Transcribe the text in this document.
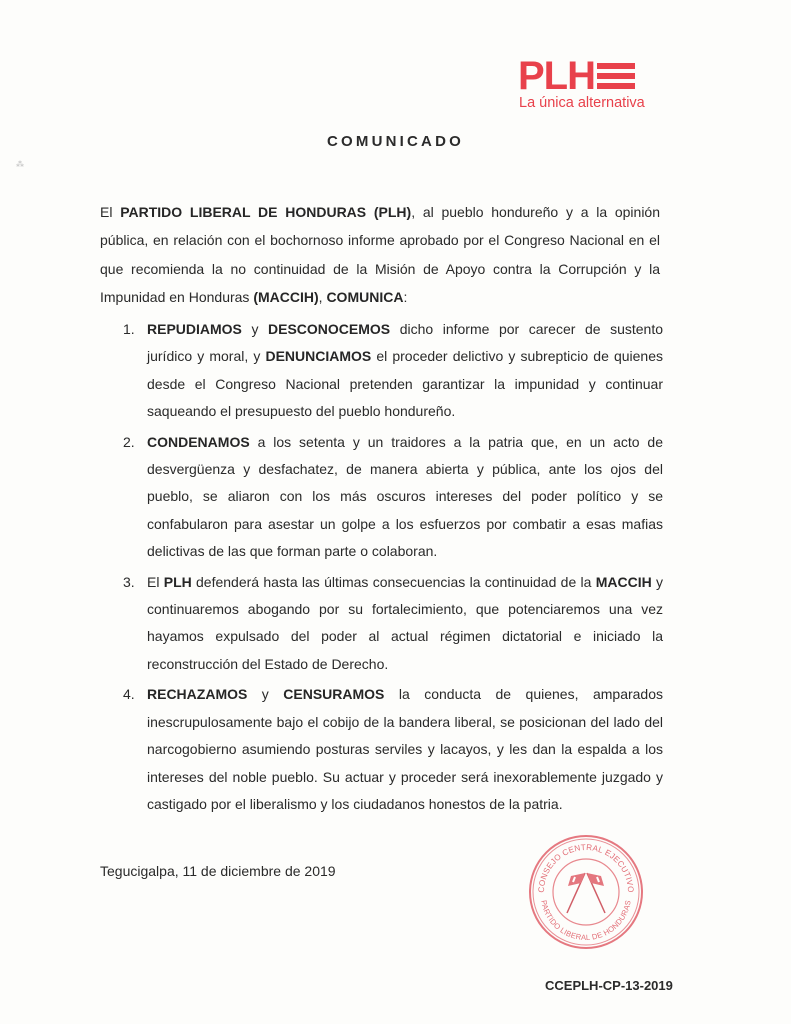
⁂
PLH
La única alternativa
COMUNICADO
El PARTIDO LIBERAL DE HONDURAS (PLH), al pueblo hondureño y a la opinión pública, en relación con el bochornoso informe aprobado por el Congreso Nacional en el que recomienda la no continuidad de la Misión de Apoyo contra la Corrupción y la Impunidad en Honduras (MACCIH), COMUNICA:
1. REPUDIAMOS y DESCONOCEMOS dicho informe por carecer de sustento jurídico y moral, y DENUNCIAMOS el proceder delictivo y subrepticio de quienes desde el Congreso Nacional pretenden garantizar la impunidad y continuar saqueando el presupuesto del pueblo hondureño.
2. CONDENAMOS a los setenta y un traidores a la patria que, en un acto de desvergüenza y desfachatez, de manera abierta y pública, ante los ojos del pueblo, se aliaron con los más oscuros intereses del poder político y se confabularon para asestar un golpe a los esfuerzos por combatir a esas mafias delictivas de las que forman parte o colaboran.
3. El PLH defenderá hasta las últimas consecuencias la continuidad de la MACCIH y continuaremos abogando por su fortalecimiento, que potenciaremos una vez hayamos expulsado del poder al actual régimen dictatorial e iniciado la reconstrucción del Estado de Derecho.
4. RECHAZAMOS y CENSURAMOS la conducta de quienes, amparados inescrupulosamente bajo el cobijo de la bandera liberal, se posicionan del lado del narcogobierno asumiendo posturas serviles y lacayos, y les dan la espalda a los intereses del noble pueblo. Su actuar y proceder será inexorablemente juzgado y castigado por el liberalismo y los ciudadanos honestos de la patria.
Tegucigalpa, 11 de diciembre de 2019
CONSEJO CENTRAL EJECUTIVO
PARTIDO LIBERAL DE HONDURAS
CCEPLH-CP-13-2019
